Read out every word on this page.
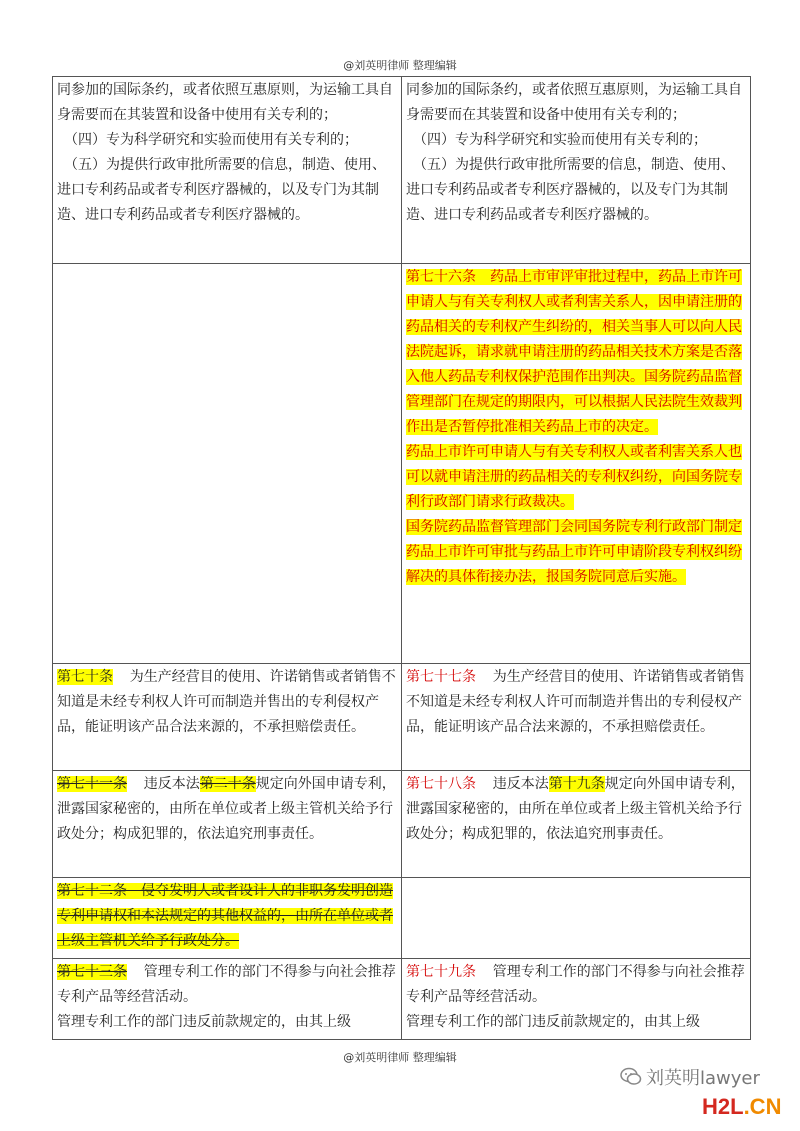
@刘英明律师 整理编辑
同参加的国际条约，或者依照互惠原则，为运输工具自身需要而在其装置和设备中使用有关专利的；
（四）专为科学研究和实验而使用有关专利的；
（五）为提供行政审批所需要的信息，制造、使用、进口专利药品或者专利医疗器械的，以及专门为其制造、进口专利药品或者专利医疗器械的。	同参加的国际条约，或者依照互惠原则，为运输工具自身需要而在其装置和设备中使用有关专利的；
（四）专为科学研究和实验而使用有关专利的；
（五）为提供行政审批所需要的信息，制造、使用、进口专利药品或者专利医疗器械的，以及专门为其制造、进口专利药品或者专利医疗器械的。

	第七十六条　药品上市审评审批过程中，药品上市许可申请人与有关专利权人或者利害关系人，因申请注册的药品相关的专利权产生纠纷的，相关当事人可以向人民法院起诉，请求就申请注册的药品相关技术方案是否落入他人药品专利权保护范围作出判决。国务院药品监督管理部门在规定的期限内，可以根据人民法院生效裁判作出是否暂停批准相关药品上市的决定。
药品上市许可申请人与有关专利权人或者利害关系人也可以就申请注册的药品相关的专利权纠纷，向国务院专利行政部门请求行政裁决。
国务院药品监督管理部门会同国务院专利行政部门制定药品上市许可审批与药品上市许可申请阶段专利权纠纷解决的具体衔接办法，报国务院同意后实施。

第七十条 为生产经营目的使用、许诺销售或者销售不知道是未经专利权人许可而制造并售出的专利侵权产品，能证明该产品合法来源的，不承担赔偿责任。	第七十七条 为生产经营目的使用、许诺销售或者销售不知道是未经专利权人许可而制造并售出的专利侵权产品，能证明该产品合法来源的，不承担赔偿责任。
第七十一条 违反本法第二十条规定向外国申请专利，泄露国家秘密的，由所在单位或者上级主管机关给予行政处分；构成犯罪的，依法追究刑事责任。	第七十八条 违反本法第十九条规定向外国申请专利，泄露国家秘密的，由所在单位或者上级主管机关给予行政处分；构成犯罪的，依法追究刑事责任。
第七十二条　侵夺发明人或者设计人的非职务发明创造专利申请权和本法规定的其他权益的，由所在单位或者上级主管机关给予行政处分。	
第七十三条 管理专利工作的部门不得参与向社会推荐专利产品等经营活动。
管理专利工作的部门违反前款规定的，由其上级	第七十九条 管理专利工作的部门不得参与向社会推荐专利产品等经营活动。
管理专利工作的部门违反前款规定的，由其上级
@刘英明律师 整理编辑
刘英明lawyer
H2L.CN
